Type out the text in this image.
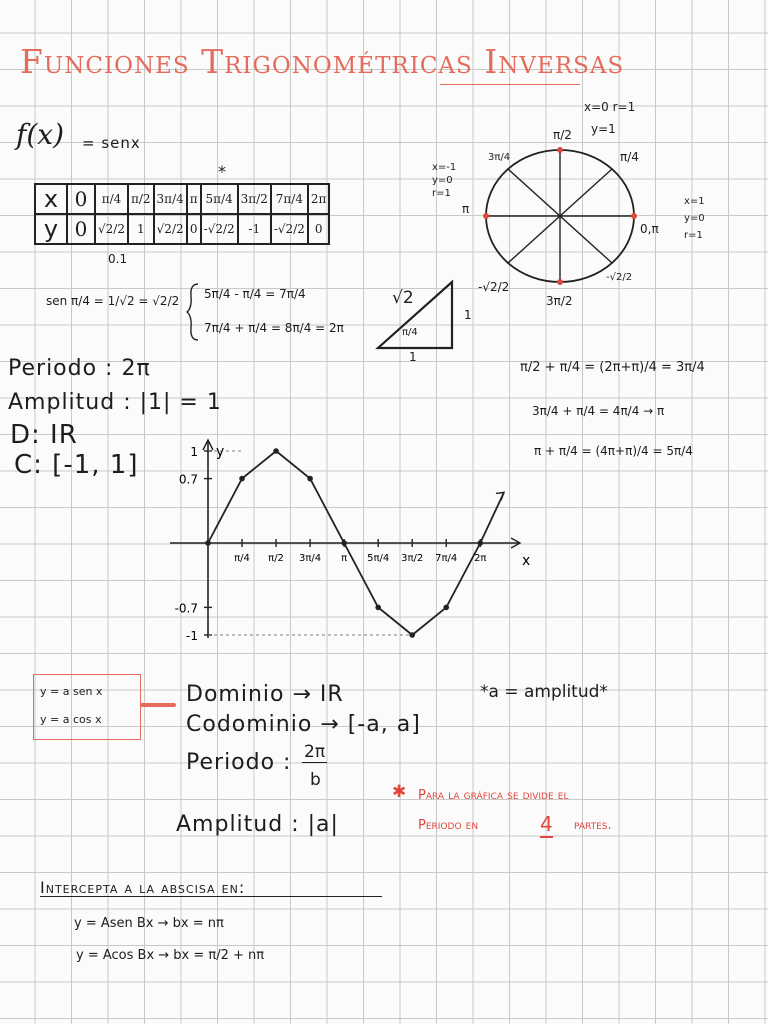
Funciones Trigonométricas Inversas
f(x) = senx
*
x	0	π/4	π/2	3π/4	π	5π/4	3π/2	7π/4	2π
y	0	√2/2	1	√2/2	0	-√2/2	-1	-√2/2	0
0.1
sen π/4 = 1/√2 = √2/2 5π/4 - π/4 = 7π/4
7π/4 + π/4 = 8π/4 = 2π
√2
1
1
π/4
π/2
x=0 r=1
y=1
π/4
3π/4
π
x=-1
y=0
r=1
0,π
x=1
y=0
r=1
3π/2
-√2/2
-√2/2
π/2 + π/4 = (2π+π)/4 = 3π/4
3π/4 + π/4 = 4π/4 → π
π + π/4 = (4π+π)/4 = 5π/4
Periodo : 2π
Amplitud : |1| = 1
D: IR
C: [-1, 1]	y
x
1
0.7
-0.7
-1
π/4 π/2 3π/4 π 5π/4 3π/2 7π/4 2π
y = a sen x
y = a cos x
Dominio → IR
Codominio → [-a, a]
Periodo : 2π
b
Amplitud : |a|
*a = amplitud*
✱ Para la gráfica se divide el
Periodo en	4 partes.
Intercepta a la abscisa en:
y = Asen Bx → bx = nπ
y = Acos Bx → bx = π/2 + nπ
